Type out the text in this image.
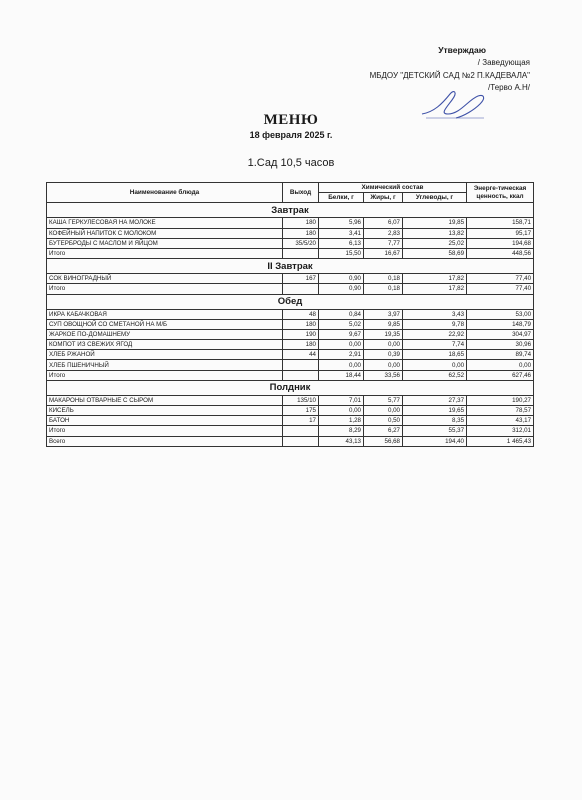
Утверждаю
/ Заведующая
МБДОУ "ДЕТСКИЙ САД №2 П.КАДЕВАЛА"
/Терво А.Н/
МЕНЮ
18 февраля 2025 г.
1.Сад 10,5 часов
Наименование блюда	Выход	Химический состав			Энерге-тическая ценность, ккал
		Белки, г	Жиры, г	Углеводы, г	
Завтрак					
КАША ГЕРКУЛЕСОВАЯ НА МОЛОКЕ	180	5,96	6,07	19,85	158,71
КОФЕЙНЫЙ НАПИТОК С МОЛОКОМ	180	3,41	2,83	13,82	95,17
БУТЕРБРОДЫ С МАСЛОМ И ЯЙЦОМ	35/5/20	6,13	7,77	25,02	194,68
Итого		15,50	16,67	58,69	448,56
II Завтрак					
СОК ВИНОГРАДНЫЙ	167	0,90	0,18	17,82	77,40
Итого		0,90	0,18	17,82	77,40
Обед					
ИКРА КАБАЧКОВАЯ	48	0,84	3,97	3,43	53,00
СУП ОВОЩНОЙ СО СМЕТАНОЙ НА М/Б	180	5,02	9,85	9,78	148,79
ЖАРКОЕ ПО-ДОМАШНЕМУ	190	9,67	19,35	22,92	304,97
КОМПОТ ИЗ СВЕЖИХ ЯГОД	180	0,00	0,00	7,74	30,96
ХЛЕБ РЖАНОЙ	44	2,91	0,39	18,65	89,74
ХЛЕБ ПШЕНИЧНЫЙ		0,00	0,00	0,00	0,00
Итого		18,44	33,56	62,52	627,46
Полдник					
МАКАРОНЫ ОТВАРНЫЕ С СЫРОМ	135/10	7,01	5,77	27,37	190,27
КИСЕЛЬ	175	0,00	0,00	19,65	78,57
БАТОН	17	1,28	0,50	8,35	43,17
Итого		8,29	6,27	55,37	312,01
Всего		43,13	56,68	194,40	1 465,43
